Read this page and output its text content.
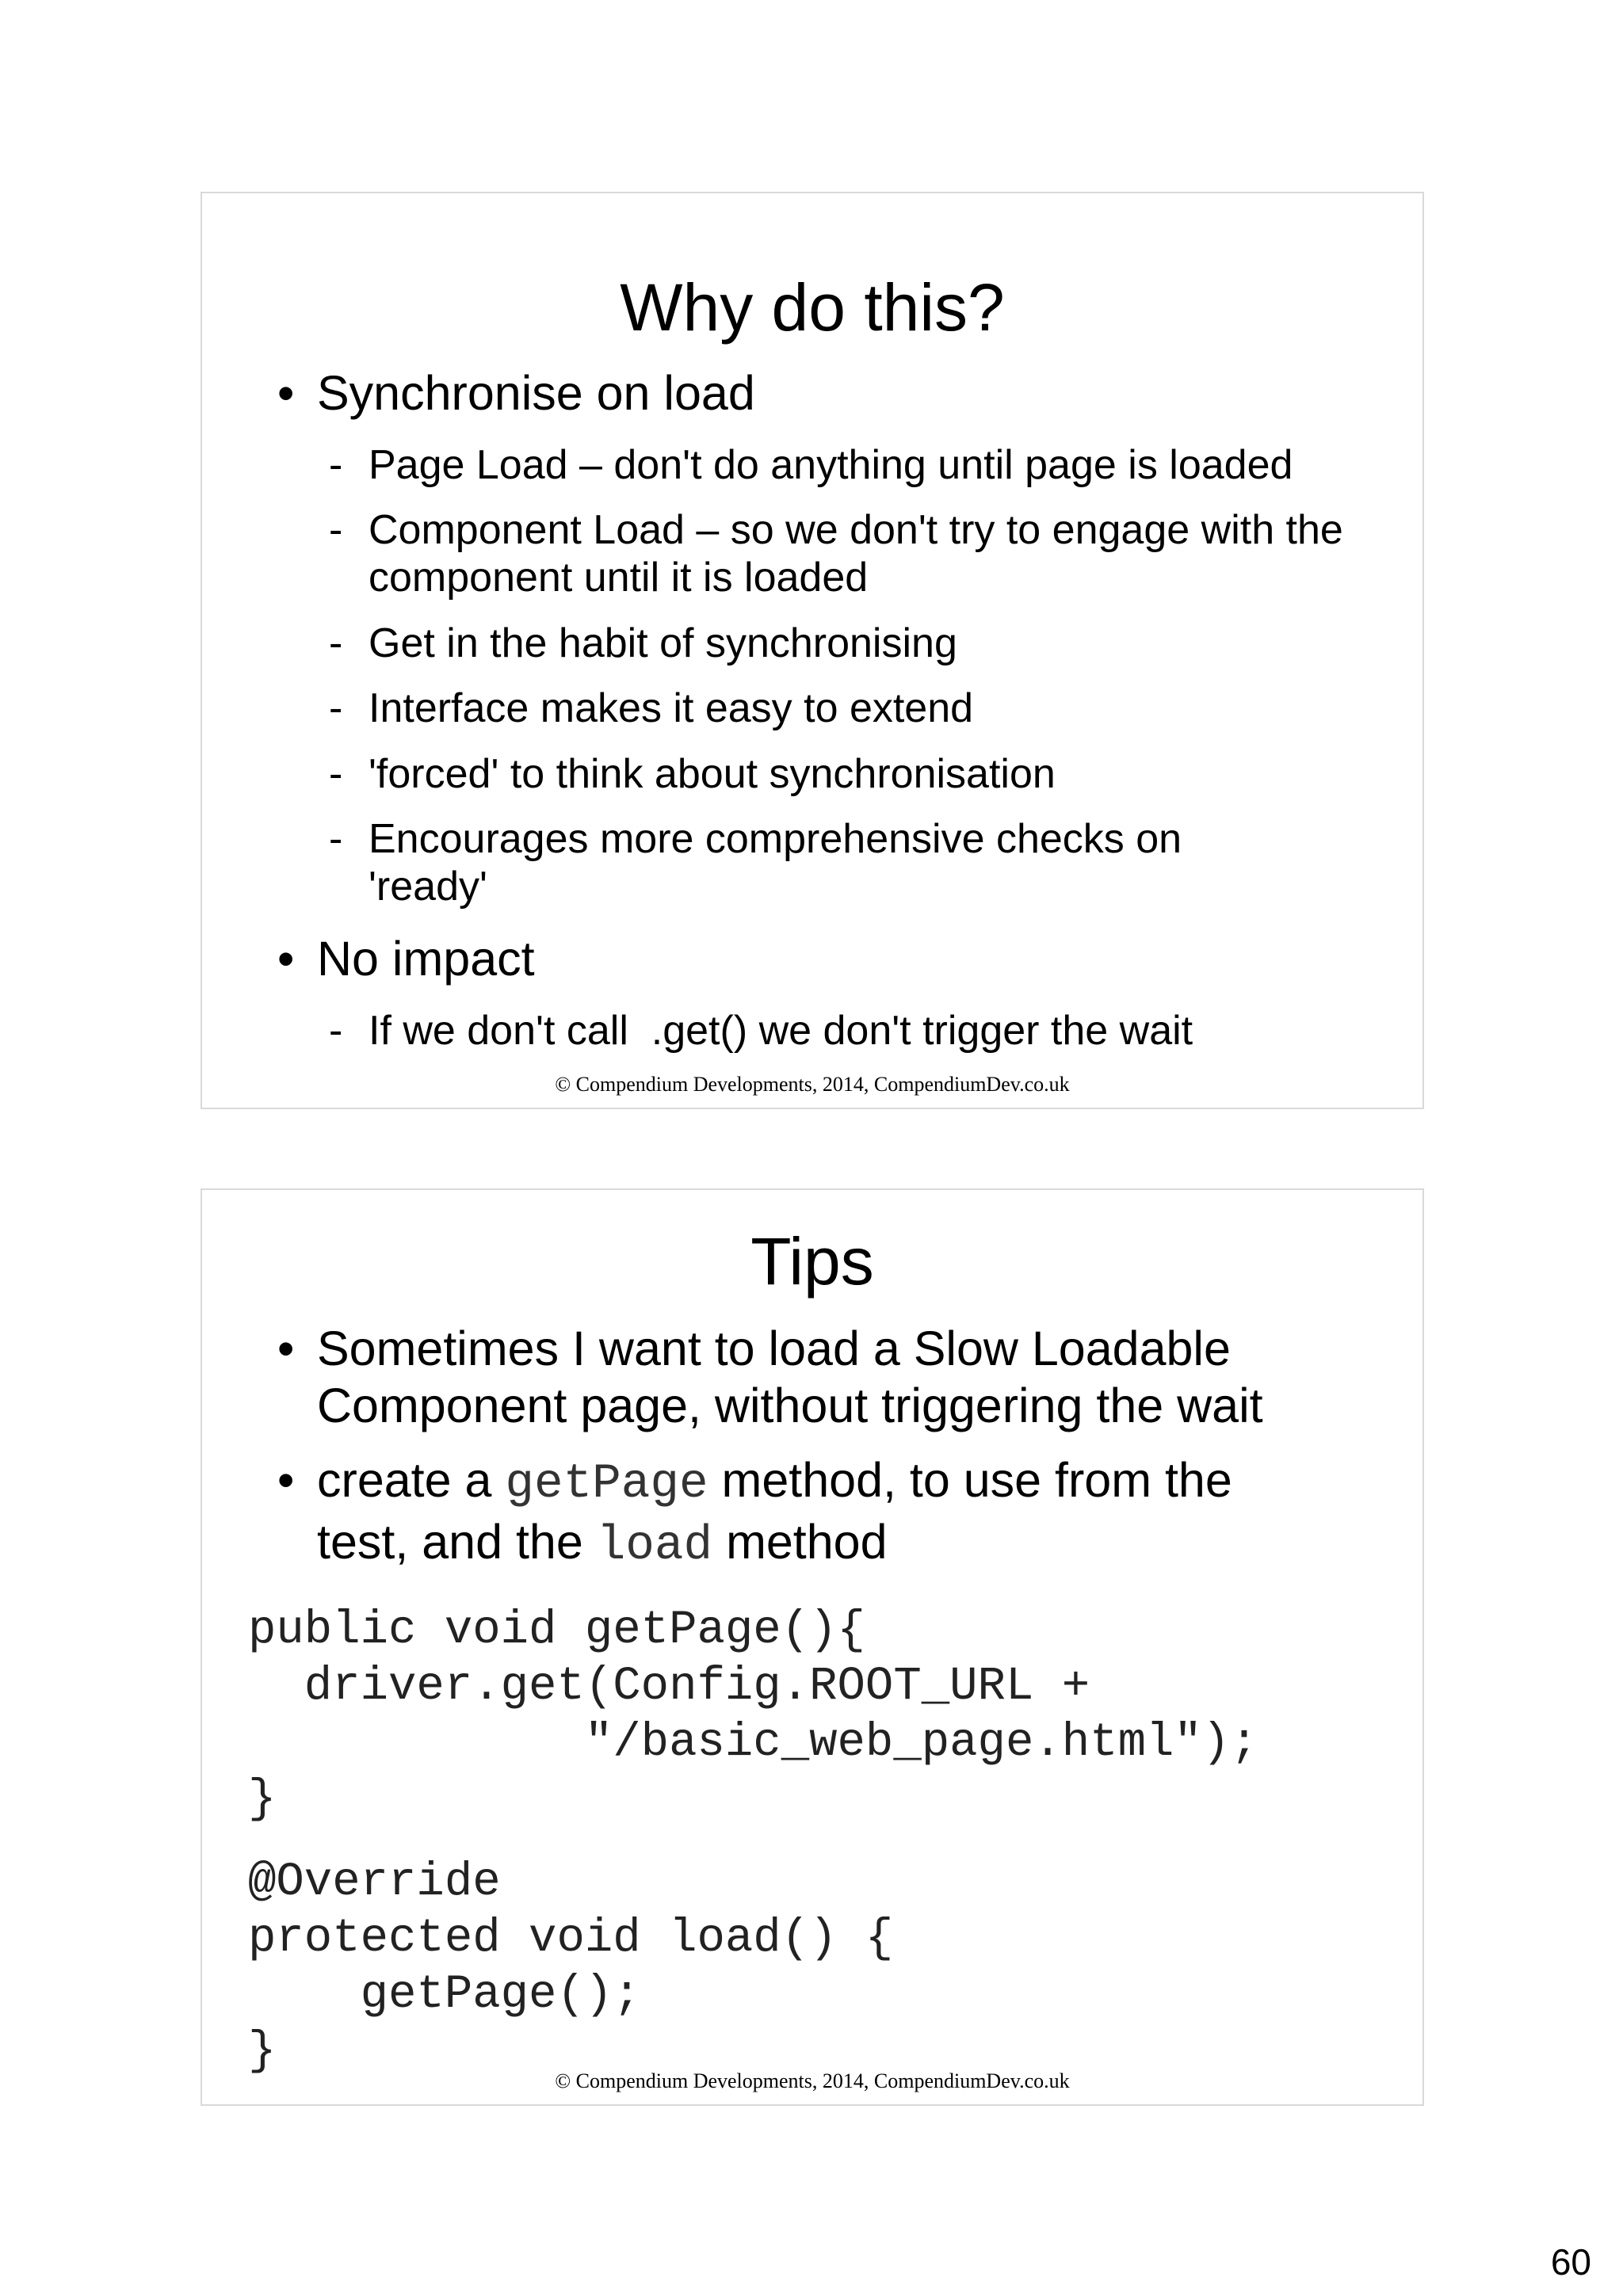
Why do this?
• Synchronise on load
- Page Load – don't do anything until page is loaded
- Component Load – so we don't try to engage with the component until it is loaded
- Get in the habit of synchronising
- Interface makes it easy to extend
- 'forced' to think about synchronisation
- Encourages more comprehensive checks on 'ready'
• No impact
- If we don't call  .get() we don't trigger the wait
© Compendium Developments, 2014, CompendiumDev.co.uk
Tips
• Sometimes I want to load a Slow Loadable Component page, without triggering the wait
• create a getPage method, to use from the test, and the load method
public void getPage(){
driver.get(Config.ROOT_URL +
"/basic_web_page.html");
}
@Override
protected void load() {
getPage();
}
© Compendium Developments, 2014, CompendiumDev.co.uk
60
